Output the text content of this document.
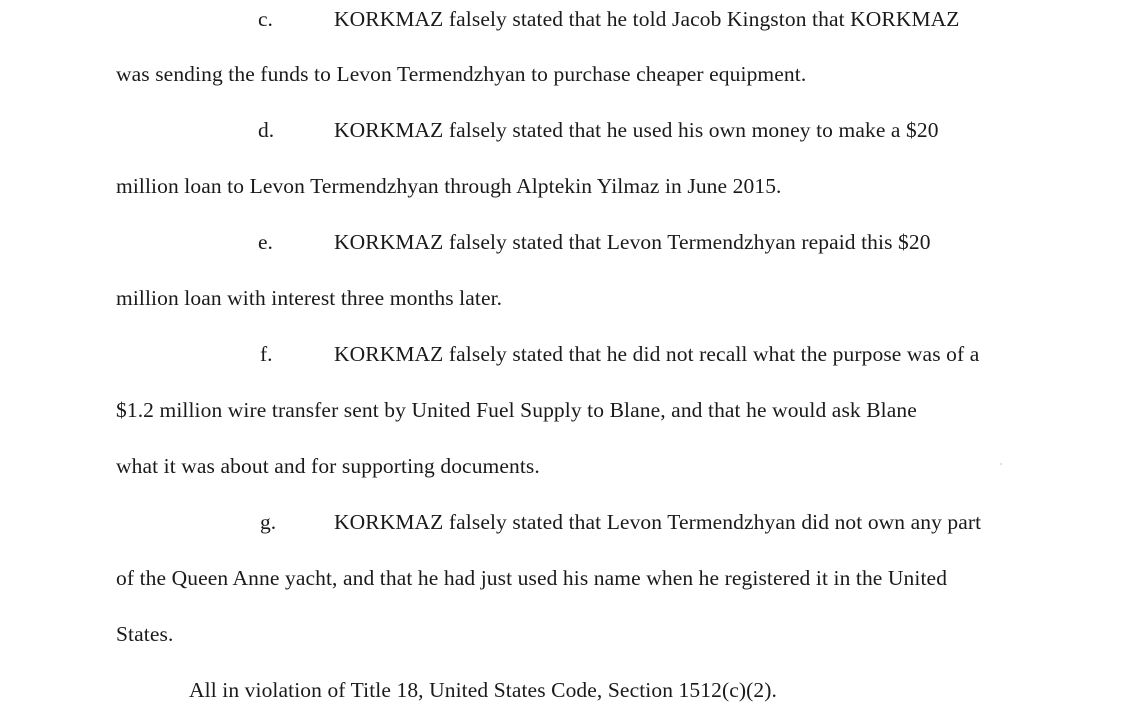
c.	KORKMAZ falsely stated that he told Jacob Kingston that KORKMAZ
was sending the funds to Levon Termendzhyan to purchase cheaper equipment.
d.	KORKMAZ falsely stated that he used his own money to make a $20
million loan to Levon Termendzhyan through Alptekin Yilmaz in June 2015.
e.	KORKMAZ falsely stated that Levon Termendzhyan repaid this $20
million loan with interest three months later.
f.	KORKMAZ falsely stated that he did not recall what the purpose was of a
$1.2 million wire transfer sent by United Fuel Supply to Blane, and that he would ask Blane
what it was about and for supporting documents.
g.	KORKMAZ falsely stated that Levon Termendzhyan did not own any part
of the Queen Anne yacht, and that he had just used his name when he registered it in the United
States.
All in violation of Title 18, United States Code, Section 1512(c)(2).
